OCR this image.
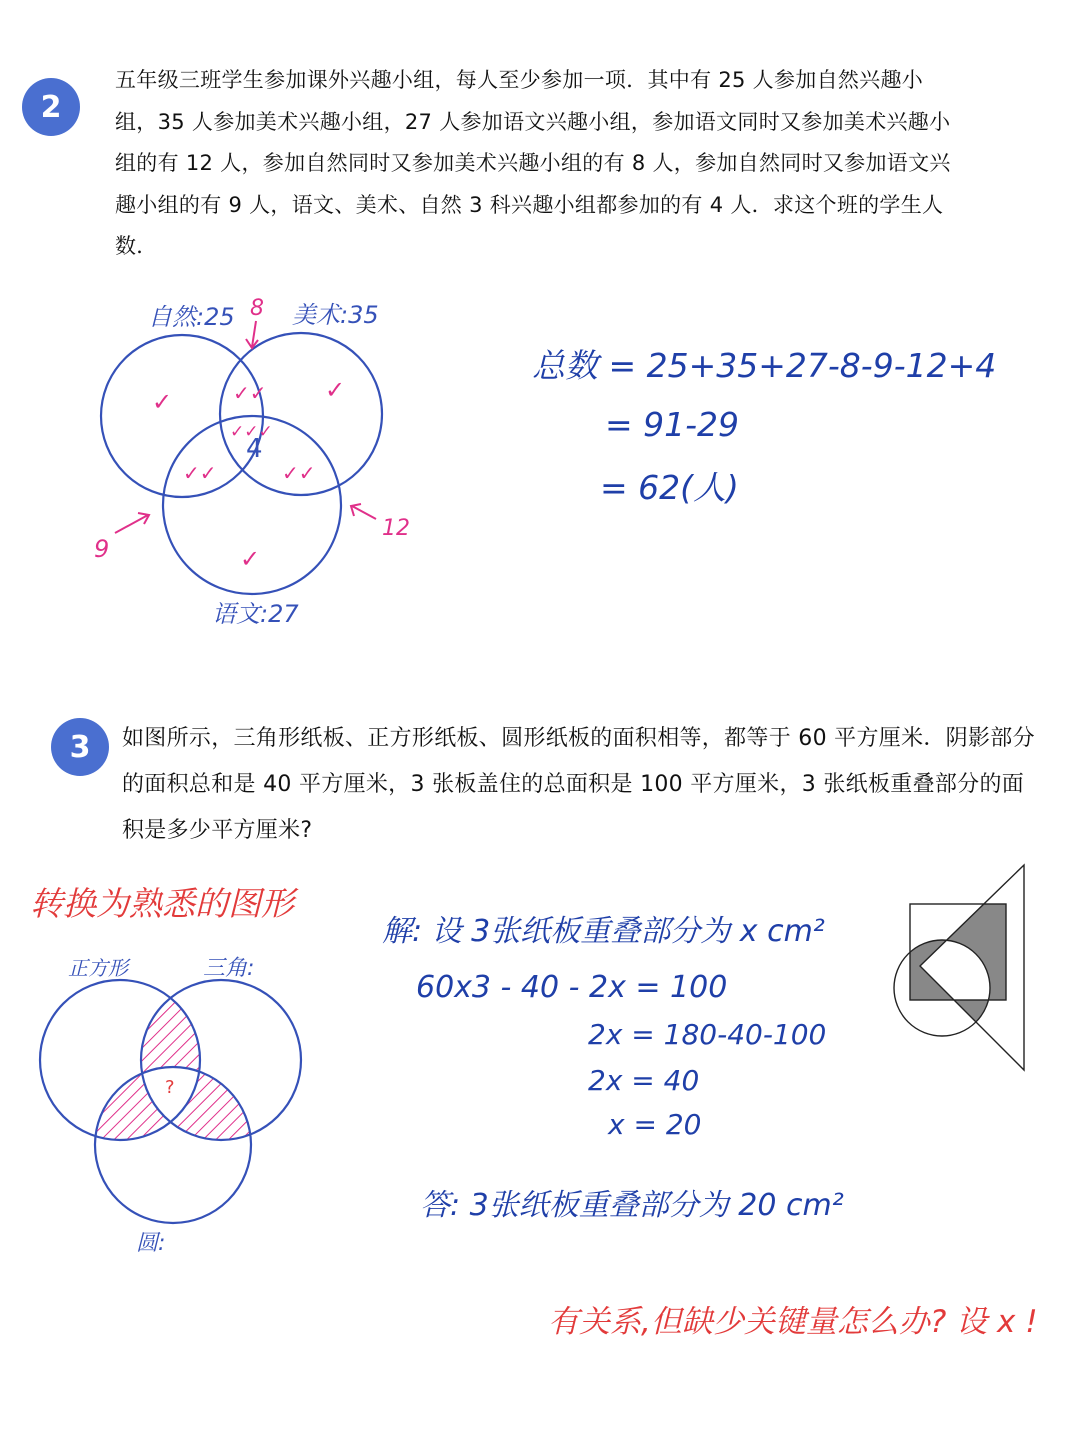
2
五年级三班学生参加课外兴趣小组，每人至少参加一项．其中有 25 人参加自然兴趣小组，35 人参加美术兴趣小组，27 人参加语文兴趣小组，参加语文同时又参加美术兴趣小组的有 12 人，参加自然同时又参加美术兴趣小组的有 8 人，参加自然同时又参加语文兴趣小组的有 9 人，语文、美术、自然 3 科兴趣小组都参加的有 4 人．求这个班的学生人数．
自然:25 美术:35
语文:27
8
9
12
4
✓	✓
✓✓
✓✓✓
✓✓	✓✓
✓
总数 = 25+35+27-8-9-12+4
= 91-29
= 62(人)
3	如图所示，三角形纸板、正方形纸板、圆形纸板的面积相等，都等于 60 平方厘米．阴影部分的面积总和是 40 平方厘米，3 张板盖住的总面积是 100 平方厘米，3 张纸板重叠部分的面积是多少平方厘米?
转换为熟悉的图形
正方形	三角:
圆:
?
解: 设 3张纸板重叠部分为 x cm²
60x3 - 40 - 2x = 100
2x = 180-40-100
2x = 40
x = 20
答: 3张纸板重叠部分为 20 cm²
有关系,但缺少关键量怎么办? 设 x !
